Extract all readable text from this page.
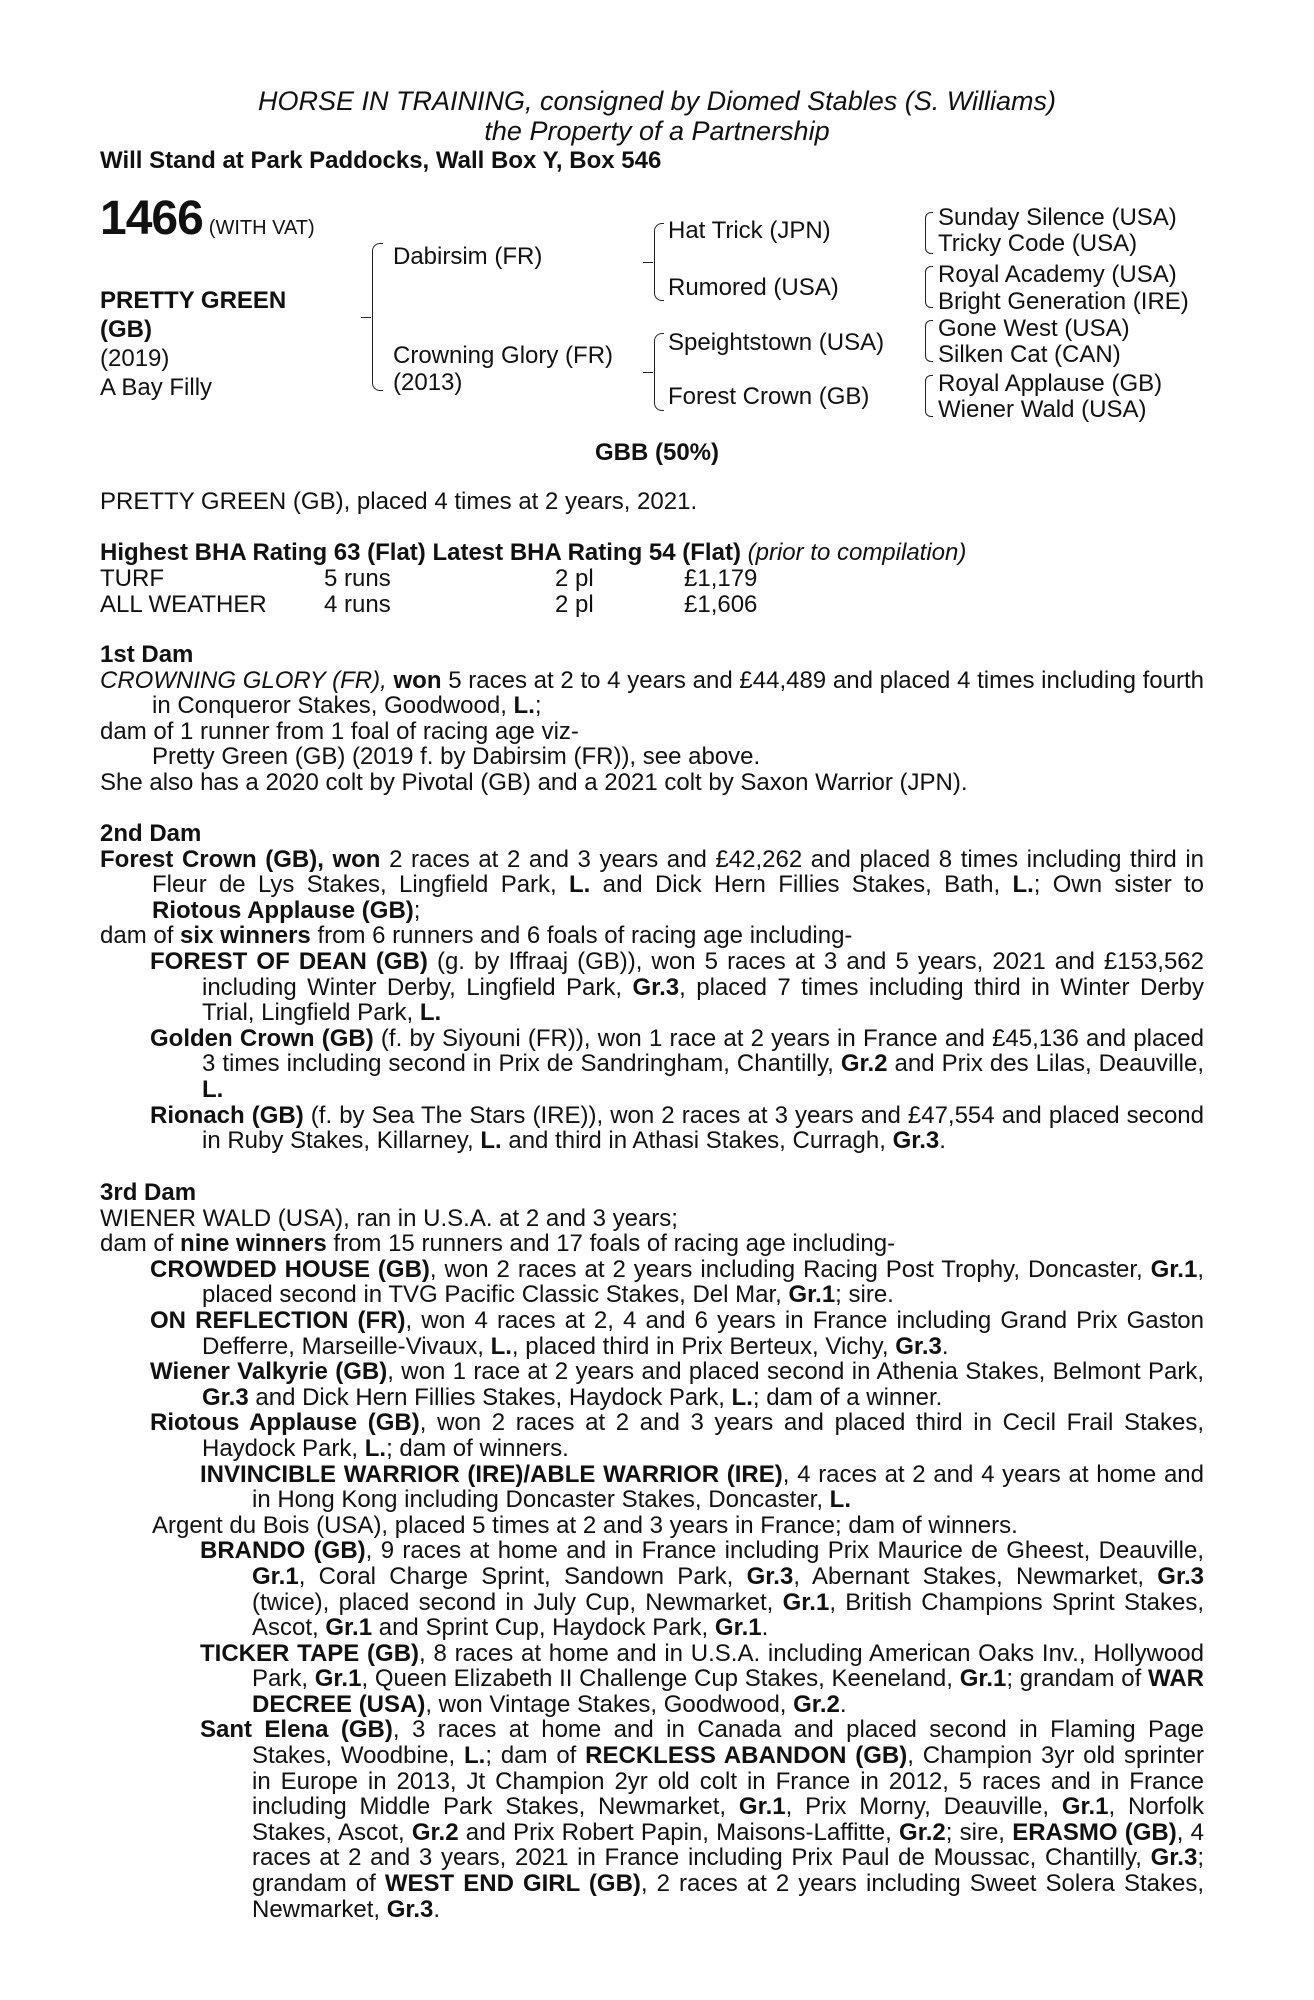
HORSE IN TRAINING, consigned by Diomed Stables (S. Williams)
the Property of a Partnership
Will Stand at Park Paddocks, Wall Box Y, Box 546
1466 (WITH VAT)
PRETTY GREEN
(GB)
(2019)
A Bay Filly
Dabirsim (FR)
Crowning Glory (FR)
(2013)
Hat Trick (JPN)
Rumored (USA)
Speightstown (USA)
Forest Crown (GB)
Sunday Silence (USA)
Tricky Code (USA)
Royal Academy (USA)
Bright Generation (IRE)
Gone West (USA)
Silken Cat (CAN)
Royal Applause (GB)
Wiener Wald (USA)
GBB (50%)
PRETTY GREEN (GB), placed 4 times at 2 years, 2021.
Highest BHA Rating 63 (Flat) Latest BHA Rating 54 (Flat) (prior to compilation)
TURF	5 runs	2 pl	£1,179
ALL WEATHER 4 runs	2 pl	£1,606
1st Dam

CROWNING GLORY (FR), won 5 races at 2 to 4 years and £44,489 and placed 4 times including fourth in Conqueror Stakes, Goodwood, L.;

dam of 1 runner from 1 foal of racing age viz-
Pretty Green (GB) (2019 f. by Dabirsim (FR)), see above.
She also has a 2020 colt by Pivotal (GB) and a 2021 colt by Saxon Warrior (JPN).
2nd Dam

Forest Crown (GB), won 2 races at 2 and 3 years and £42,262 and placed 8 times including third in Fleur de Lys Stakes, Lingfield Park, L. and Dick Hern Fillies Stakes, Bath, L.; Own sister to Riotous Applause (GB);

dam of six winners from 6 runners and 6 foals of racing age including-

FOREST OF DEAN (GB) (g. by Iffraaj (GB)), won 5 races at 3 and 5 years, 2021 and £153,562 including Winter Derby, Lingfield Park, Gr.3, placed 7 times including third in Winter Derby Trial, Lingfield Park, L.

Golden Crown (GB) (f. by Siyouni (FR)), won 1 race at 2 years in France and £45,136 and placed 3 times including second in Prix de Sandringham, Chantilly, Gr.2 and Prix des Lilas, Deauville, L.

Rionach (GB) (f. by Sea The Stars (IRE)), won 2 races at 3 years and £47,554 and placed second in Ruby Stakes, Killarney, L. and third in Athasi Stakes, Curragh, Gr.3.

3rd Dam
WIENER WALD (USA), ran in U.S.A. at 2 and 3 years;
dam of nine winners from 15 runners and 17 foals of racing age including-

CROWDED HOUSE (GB), won 2 races at 2 years including Racing Post Trophy, Doncaster, Gr.1, placed second in TVG Pacific Classic Stakes, Del Mar, Gr.1; sire.

ON REFLECTION (FR), won 4 races at 2, 4 and 6 years in France including Grand Prix Gaston Defferre, Marseille-Vivaux, L., placed third in Prix Berteux, Vichy, Gr.3.

Wiener Valkyrie (GB), won 1 race at 2 years and placed second in Athenia Stakes, Belmont Park, Gr.3 and Dick Hern Fillies Stakes, Haydock Park, L.; dam of a winner.

Riotous Applause (GB), won 2 races at 2 and 3 years and placed third in Cecil Frail Stakes, Haydock Park, L.; dam of winners.

INVINCIBLE WARRIOR (IRE)/ABLE WARRIOR (IRE), 4 races at 2 and 4 years at home and in Hong Kong including Doncaster Stakes, Doncaster, L.

Argent du Bois (USA), placed 5 times at 2 and 3 years in France; dam of winners.

BRANDO (GB), 9 races at home and in France including Prix Maurice de Gheest, Deauville, Gr.1, Coral Charge Sprint, Sandown Park, Gr.3, Abernant Stakes, Newmarket, Gr.3 (twice), placed second in July Cup, Newmarket, Gr.1, British Champions Sprint Stakes, Ascot, Gr.1 and Sprint Cup, Haydock Park, Gr.1.

TICKER TAPE (GB), 8 races at home and in U.S.A. including American Oaks Inv., Hollywood Park, Gr.1, Queen Elizabeth II Challenge Cup Stakes, Keeneland, Gr.1; grandam of WAR DECREE (USA), won Vintage Stakes, Goodwood, Gr.2.

Sant Elena (GB), 3 races at home and in Canada and placed second in Flaming Page Stakes, Woodbine, L.; dam of RECKLESS ABANDON (GB), Champion 3yr old sprinter in Europe in 2013, Jt Champion 2yr old colt in France in 2012, 5 races and in France including Middle Park Stakes, Newmarket, Gr.1, Prix Morny, Deauville, Gr.1, Norfolk Stakes, Ascot, Gr.2 and Prix Robert Papin, Maisons-Laffitte, Gr.2; sire, ERASMO (GB), 4 races at 2 and 3 years, 2021 in France including Prix Paul de Moussac, Chantilly, Gr.3; grandam of WEST END GIRL (GB), 2 races at 2 years including Sweet Solera Stakes, Newmarket, Gr.3.
